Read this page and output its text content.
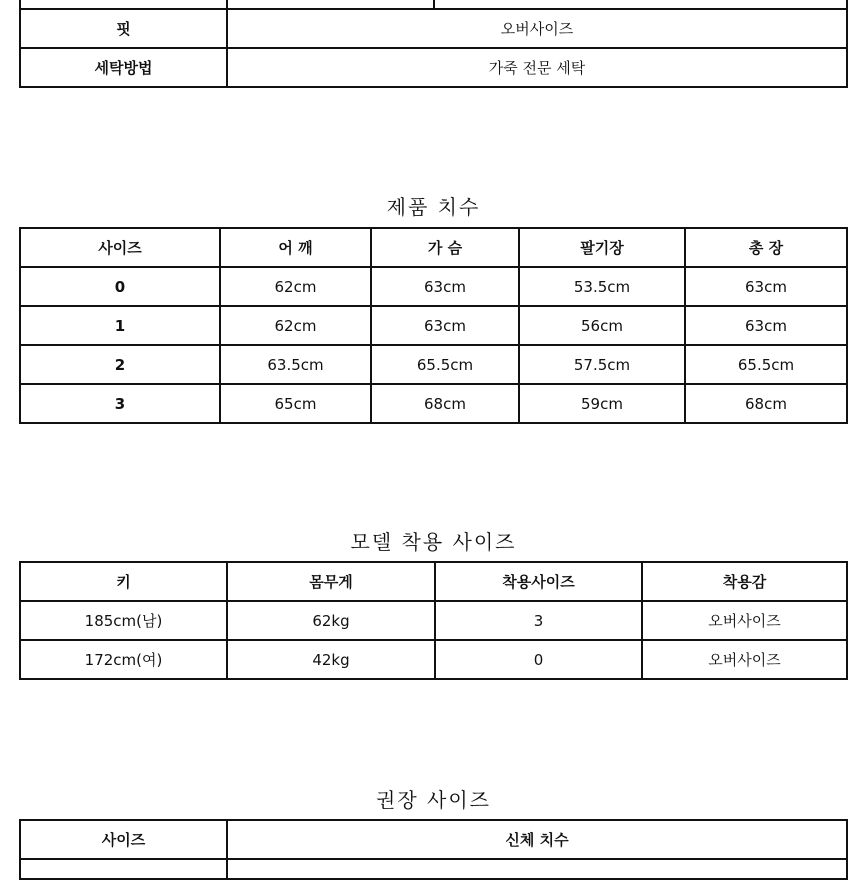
핏	오버사이즈	
세탁방법	가죽 전문 세탁	
제품 치수
사이즈	어 깨	가 슴	팔기장	총 장
0	62cm	63cm	53.5cm	63cm
1	62cm	63cm	56cm	63cm
2	63.5cm	65.5cm	57.5cm	65.5cm
3	65cm	68cm	59cm	68cm
모델 착용 사이즈
키	몸무게	착용사이즈	착용감
185cm(남)	62kg	3	오버사이즈
172cm(여)	42kg	0	오버사이즈
권장 사이즈
사이즈	신체 치수
